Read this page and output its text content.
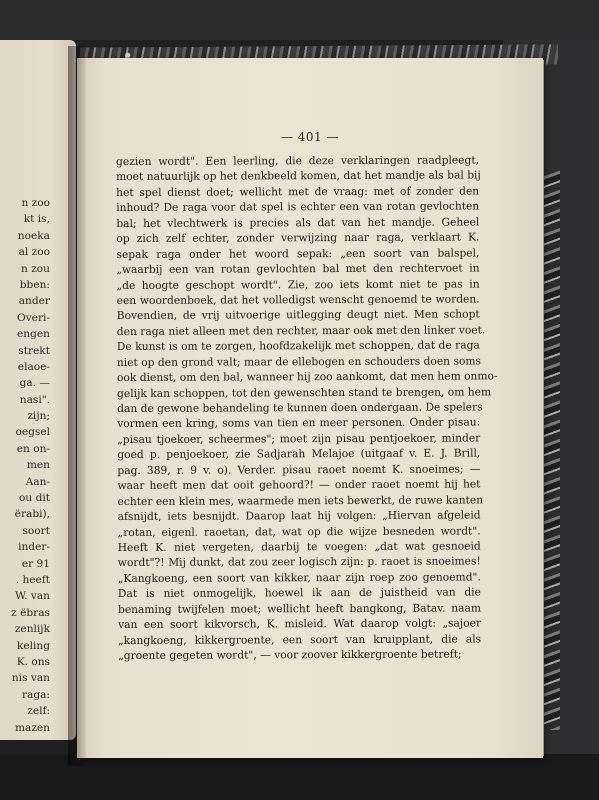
n zoo
kt is,
noeka
al zoo
n zou
bben:
ander
Overi-
engen
strekt
elaoe-
ga. —
nasi".
zijn;
oegsel
en on-
men
Aan-
ou dit
ërabi),
soort
inder-
er 91
. heeft
W. van
z ëbras
zenlijk
keling
K. ons
nis van
raga:
zelf:
mazen
— 401 —
gezien wordt". Een leerling, die deze verklaringen raadpleegt,
moet natuurlijk op het denkbeeld komen, dat het mandje als bal bij
het spel dienst doet; wellicht met de vraag: met of zonder den
inhoud? De raga voor dat spel is echter een van rotan gevlochten
bal; het vlechtwerk is precies als dat van het mandje. Geheel
op zich zelf echter, zonder verwijzing naar raga, verklaart K.
sepak raga onder het woord sepak: „een soort van balspel,
„waarbij een van rotan gevlochten bal met den rechtervoet in
„de hoogte geschopt wordt". Zie, zoo iets komt niet te pas in
een woordenboek, dat het volledigst wenscht genoemd te worden.
Bovendien, de vrij uitvoerige uitlegging deugt niet. Men schopt
den raga niet alleen met den rechter, maar ook met den linker voet.
De kunst is om te zorgen, hoofdzakelijk met schoppen, dat de raga
niet op den grond valt; maar de ellebogen en schouders doen soms
ook dienst, om den bal, wanneer hij zoo aankomt, dat men hem onmo-
gelijk kan schoppen, tot den gewenschten stand te brengen, om hem
dan de gewone behandeling te kunnen doen ondergaan. De spelers
vormen een kring, soms van tien en meer personen. Onder pisau:
„pisau tjoekoer, scheermes"; moet zijn pisau pentjoekoer, minder
goed p. penjoekoer, zie Sadjarah Melajoe (uitgaaf v. E. J. Brill,
pag. 389, r. 9 v. o). Verder. pisau raoet noemt K. snoeimes; —
waar heeft men dat ooit gehoord?! — onder raoet noemt hij het
echter een klein mes, waarmede men iets bewerkt, de ruwe kanten
afsnijdt, iets besnijdt. Daarop laat hij volgen: „Hiervan afgeleid
„rotan, eigenl. raoetan, dat, wat op die wijze besneden wordt".
Heeft K. niet vergeten, daarbij te voegen: „dat wat gesnoeid
wordt"?! Mij dunkt, dat zou zeer logisch zijn: p. raoet is snoeimes!
„Kangkoeng, een soort van kikker, naar zijn roep zoo genoemd".
Dat is niet onmogelijk, hoewel ik aan de juistheid van die
benaming twijfelen moet; wellicht heeft bangkong, Batav. naam
van een soort kikvorsch, K. misleid. Wat daarop volgt: „sajoer
„kangkoeng, kikkergroente, een soort van kruipplant, die als
„groente gegeten wordt", — voor zoover kikkergroente betreft;
